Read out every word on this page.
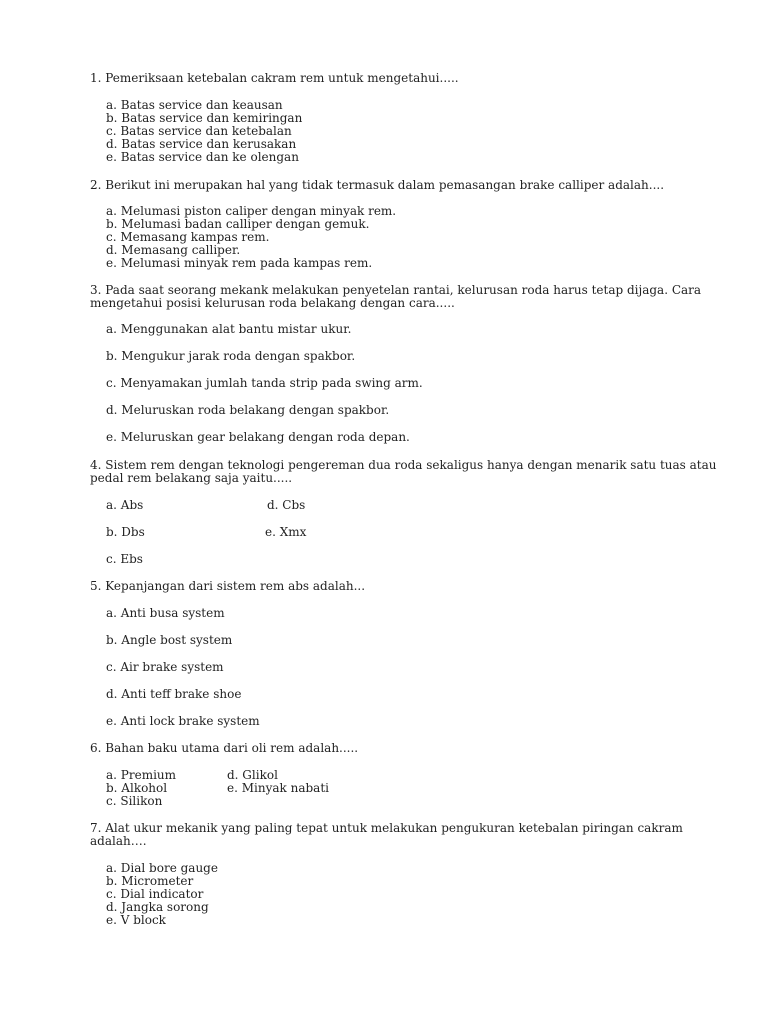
1. Pemeriksaan ketebalan cakram rem untuk mengetahui.....
a. Batas service dan keausan
b. Batas service dan kemiringan
c. Batas service dan ketebalan
d. Batas service dan kerusakan
e. Batas service dan ke olengan
2. Berikut ini merupakan hal yang tidak termasuk dalam pemasangan brake calliper adalah....
a. Melumasi piston caliper dengan minyak rem.
b. Melumasi badan calliper dengan gemuk.
c. Memasang kampas rem.
d. Memasang calliper.
e. Melumasi minyak rem pada kampas rem.
3. Pada saat seorang mekank melakukan penyetelan rantai, kelurusan roda harus tetap dijaga. Cara
mengetahui posisi kelurusan roda belakang dengan cara.....
a. Menggunakan alat bantu mistar ukur.
b. Mengukur jarak roda dengan spakbor.
c. Menyamakan jumlah tanda strip pada swing arm.
d. Meluruskan roda belakang dengan spakbor.
e. Meluruskan gear belakang dengan roda depan.
4. Sistem rem dengan teknologi pengereman dua roda sekaligus hanya dengan menarik satu tuas atau
pedal rem belakang saja yaitu.....
a. Abs	d. Cbs
b. Dbs	e. Xmx
c. Ebs
5. Kepanjangan dari sistem rem abs adalah...
a. Anti busa system
b. Angle bost system
c. Air brake system
d. Anti teff brake shoe
e. Anti lock brake system
6. Bahan baku utama dari oli rem adalah.....
a. Premium	d. Glikol
b. Alkohol	e. Minyak nabati
c. Silikon
7. Alat ukur mekanik yang paling tepat untuk melakukan pengukuran ketebalan piringan cakram
adalah….
a. Dial bore gauge
b. Micrometer
c. Dial indicator
d. Jangka sorong
e. V block
